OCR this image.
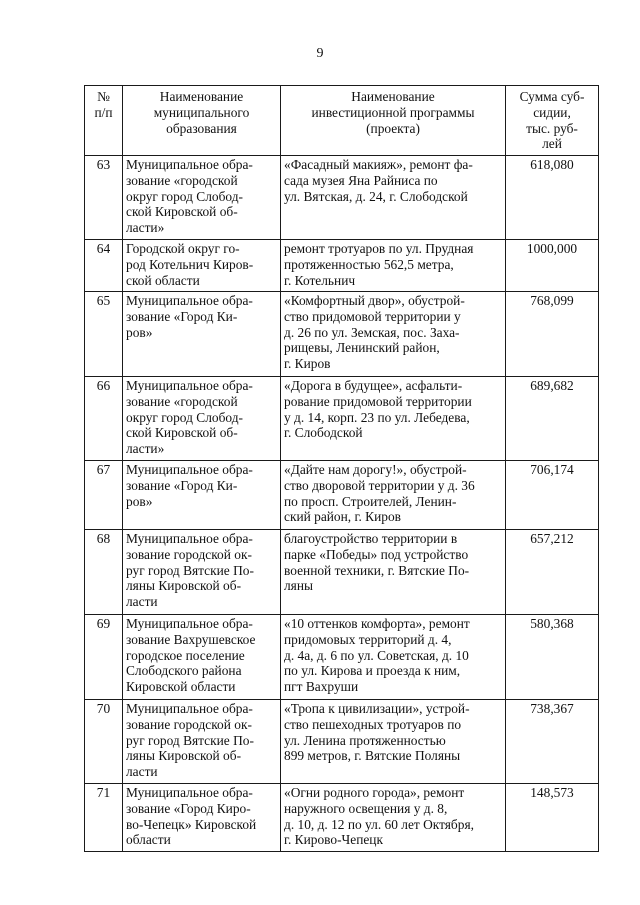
9
№
п/п	Наименование
муниципального
образования	Наименование
инвестиционной программы
(проекта)	Сумма суб-
сидии,
тыс. руб-
лей

63	Муниципальное обра-
зование «городской
округ город Слобод-
ской Кировской об-
ласти»	«Фасадный макияж», ремонт фа-
сада музея Яна Райниса по
ул. Вятская, д. 24, г. Слободской	618,080

64	Городской округ го-
род Котельнич Киров-
ской области	ремонт тротуаров по ул. Прудная
протяженностью 562,5 метра,
г. Котельнич	1000,000

65	Муниципальное обра-
зование «Город Ки-
ров»	«Комфортный двор», обустрой-
ство придомовой территории у
д. 26 по ул. Земская, пос. Заха-
рищевы, Ленинский район,
г. Киров	768,099

66	Муниципальное обра-
зование «городской
округ город Слобод-
ской Кировской об-
ласти»	«Дорога в будущее», асфальти-
рование придомовой территории
у д. 14, корп. 23 по ул. Лебедева,
г. Слободской	689,682

67	Муниципальное обра-
зование «Город Ки-
ров»	«Дайте нам дорогу!», обустрой-
ство дворовой территории у д. 36
по просп. Строителей, Ленин-
ский район, г. Киров	706,174

68	Муниципальное обра-
зование городской ок-
руг город Вятские По-
ляны Кировской об-
ласти	благоустройство территории в
парке «Победы» под устройство
военной техники, г. Вятские По-
ляны	657,212

69	Муниципальное обра-
зование Вахрушевское
городское поселение
Слободского района
Кировской области	«10 оттенков комфорта», ремонт
придомовых территорий д. 4,
д. 4а, д. 6 по ул. Советская, д. 10
по ул. Кирова и проезда к ним,
пгт Вахруши	580,368

70	Муниципальное обра-
зование городской ок-
руг город Вятские По-
ляны Кировской об-
ласти	«Тропа к цивилизации», устрой-
ство пешеходных тротуаров по
ул. Ленина протяженностью
899 метров, г. Вятские Поляны	738,367

71	Муниципальное обра-
зование «Город Киро-
во-Чепецк» Кировской
области	«Огни родного города», ремонт
наружного освещения у д. 8,
д. 10, д. 12 по ул. 60 лет Октября,
г. Кирово-Чепецк	148,573
